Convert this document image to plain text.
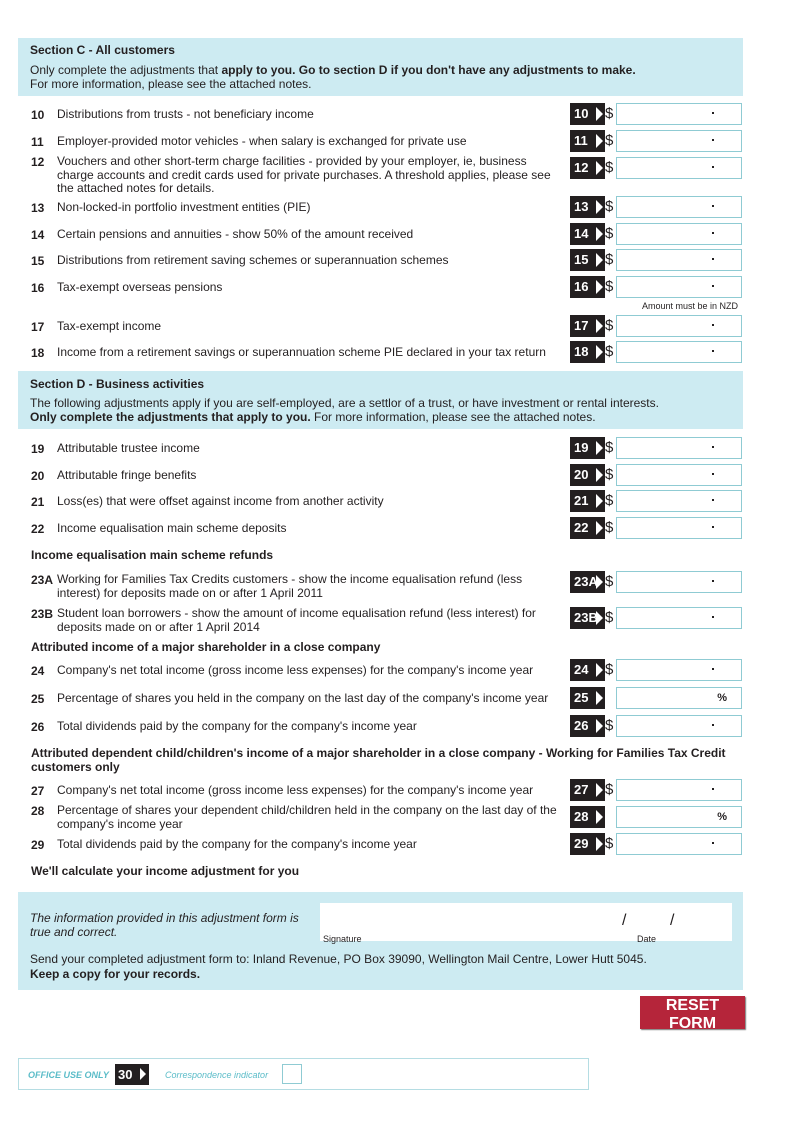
Section C - All customers
Only complete the adjustments that apply to you. Go to section D if you don't have any adjustments to make.
For more information, please see the attached notes.
Amount must be in NZD
Section D - Business activities
The following adjustments apply if you are self-employed, are a settlor of a trust, or have investment or rental interests.
Only complete the adjustments that apply to you. For more information, please see the attached notes.
Income equalisation main scheme refunds
Attributed income of a major shareholder in a close company
Attributed dependent child/children's income of a major shareholder in a close company - Working for Families Tax Credit customers only
We'll calculate your income adjustment for you
10 Distributions from trusts - not beneficiary income	10	$
11 Employer-provided motor vehicles - when salary is exchanged for private use	11	$
12 Vouchers and other short-term charge facilities - provided by your employer, ie, business charge accounts and credit cards used for private purchases. A threshold applies, please see the attached notes for details.
12	$
13 Non-locked-in portfolio investment entities (PIE)	13	$
14 Certain pensions and annuities - show 50% of the amount received	14	$
15 Distributions from retirement saving schemes or superannuation schemes	15	$
16 Tax-exempt overseas pensions	16	$
17 Tax-exempt income	17	$
18 Income from a retirement savings or superannuation scheme PIE declared in your tax return	18	$
19 Attributable trustee income	19	$
20 Attributable fringe benefits	20	$
21 Loss(es) that were offset against income from another activity	21	$
22 Income equalisation main scheme deposits	22	$
23A Working for Families Tax Credits customers - show the income equalisation refund (less interest) for deposits made on or after 1 April 2011
23A $
23B Student loan borrowers - show the amount of income equalisation refund (less interest) for deposits made on or after 1 April 2014
23B $
24 Company's net total income (gross income less expenses) for the company's income year	24	$
25 Percentage of shares you held in the company on the last day of the company's income year	25	%
26 Total dividends paid by the company for the company's income year	26	$
27 Company's net total income (gross income less expenses) for the company's income year	27	$
28 Percentage of shares your dependent child/children held in the company on the last day of the company's income year	28	%
29 Total dividends paid by the company for the company's income year	29	$
The information provided in this adjustment form is true and correct.	Signature	Date
/	/
Send your completed adjustment form to: Inland Revenue, PO Box 39090, Wellington Mail Centre, Lower Hutt 5045.
Keep a copy for your records.
RESET FORM
OFFICE USE ONLY 30	Correspondence indicator
